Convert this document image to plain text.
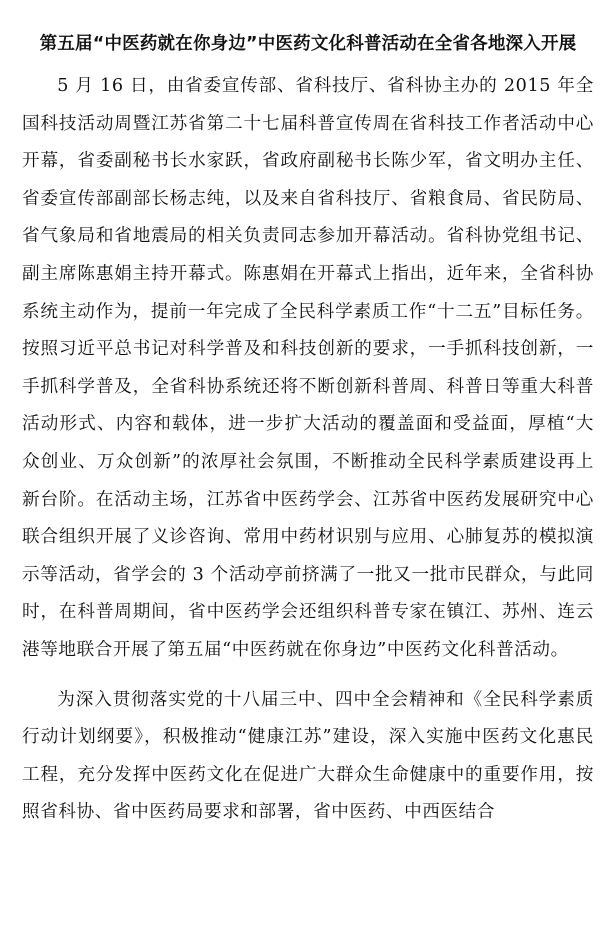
第五届“中医药就在你身边”中医药文化科普活动在全省各地深入开展

5 月 16 日，由省委宣传部、省科技厅、省科协主办的 2015 年全国科技活动周暨江苏省第二十七届科普宣传周在省科技工作者活动中心开幕，省委副秘书长水家跃，省政府副秘书长陈少军，省文明办主任、省委宣传部副部长杨志纯，以及来自省科技厅、省粮食局、省民防局、省气象局和省地震局的相关负责同志参加开幕活动。省科协党组书记、副主席陈惠娟主持开幕式。陈惠娟在开幕式上指出，近年来，全省科协系统主动作为，提前一年完成了全民科学素质工作“十二五”目标任务。按照习近平总书记对科学普及和科技创新的要求，一手抓科技创新，一手抓科学普及，全省科协系统还将不断创新科普周、科普日等重大科普活动形式、内容和载体，进一步扩大活动的覆盖面和受益面，厚植“大众创业、万众创新”的浓厚社会氛围，不断推动全民科学素质建设再上新台阶。在活动主场，江苏省中医药学会、江苏省中医药发展研究中心联合组织开展了义诊咨询、常用中药材识别与应用、心肺复苏的模拟演示等活动，省学会的 3 个活动亭前挤满了一批又一批市民群众，与此同时，在科普周期间，省中医药学会还组织科普专家在镇江、苏州、连云港等地联合开展了第五届“中医药就在你身边”中医药文化科普活动。

为深入贯彻落实党的十八届三中、四中全会精神和《全民科学素质行动计划纲要》，积极推动“健康江苏”建设，深入实施中医药文化惠民工程，充分发挥中医药文化在促进广大群众生命健康中的重要作用，按照省科协、省中医药局要求和部署，省中医药、中西医结合
